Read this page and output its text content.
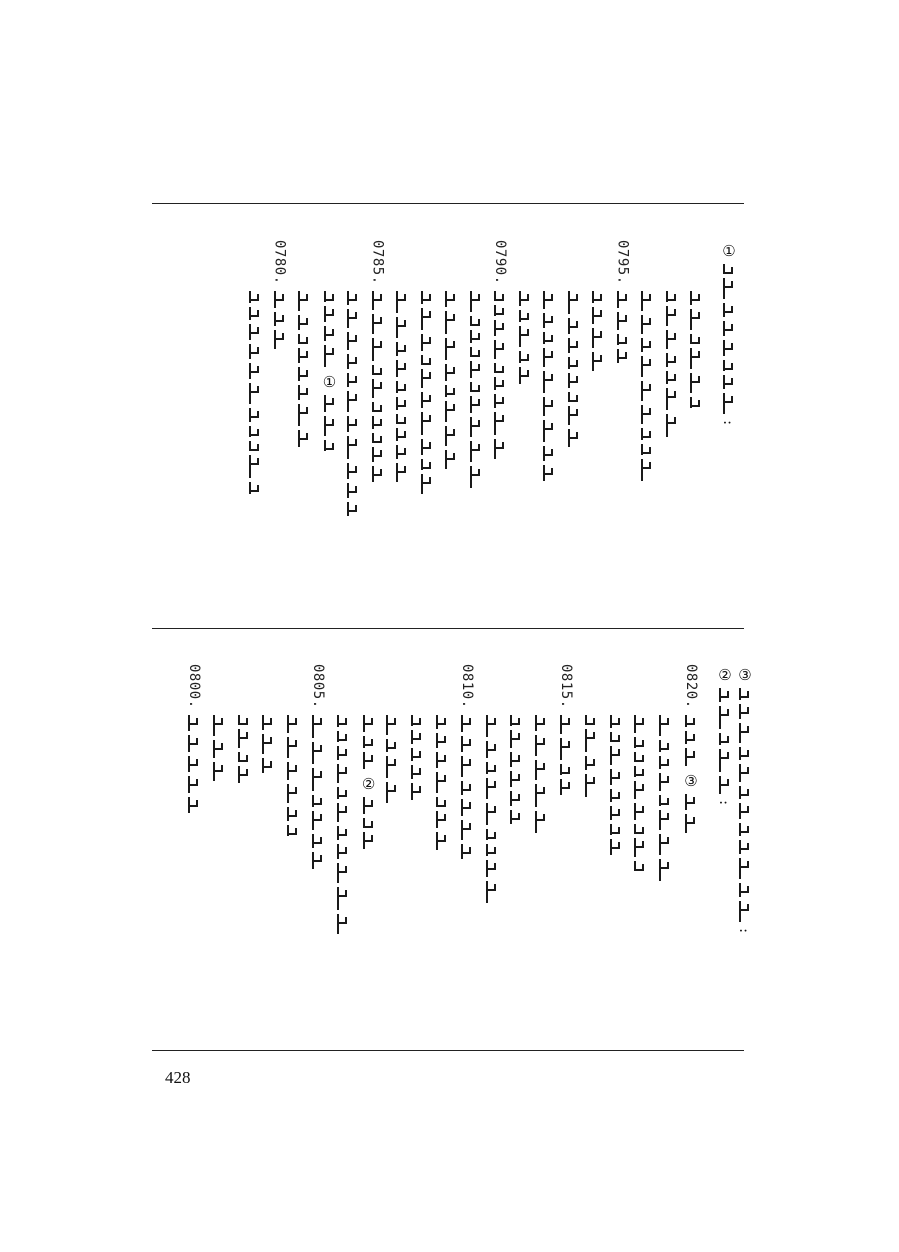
①
:
0795.
0790.
0785.
①
0780.
③
:
②
:
0820.
③
0815.
0810.
②
0805.
0800.
428
